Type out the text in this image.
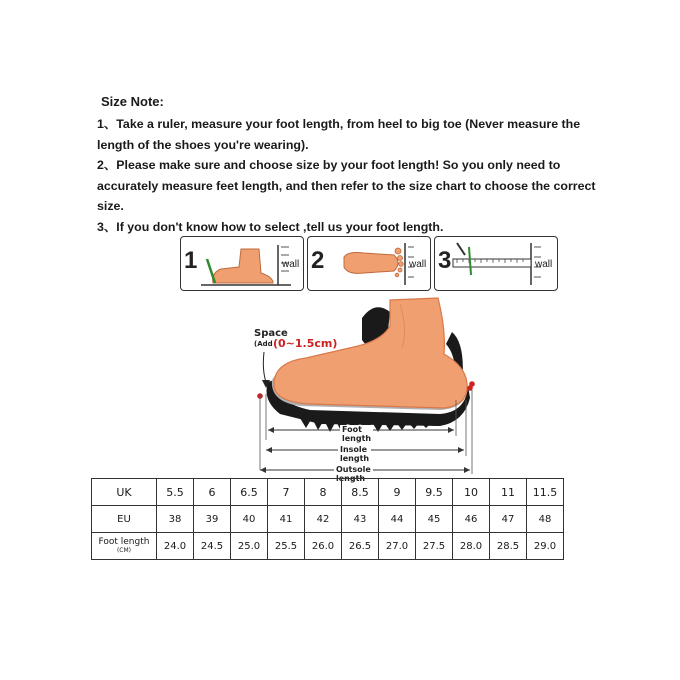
Size Note:

1、Take a ruler, measure your foot length, from heel to big toe (Never measure the length of the shoes you're wearing).

2、Please make sure and choose size by your foot length! So you only need to accurately measure feet length, and then refer to the size chart to choose the correct size.

3、If you don't know how to select ,tell us your foot length.

1	wall 2	wall 3	wall
Space
(Add (0~1.5cm)
Foot length
Insole length
Outsole length
UK	5.5	6	6.5	7	8	8.5	9	9.5	10	11	11.5
EU	38	39	40	41	42	43	44	45	46	47	48

Foot length
(CM)	24.0	24.5	25.0	25.5	26.0	26.5	27.0	27.5	28.0	28.5	29.0
